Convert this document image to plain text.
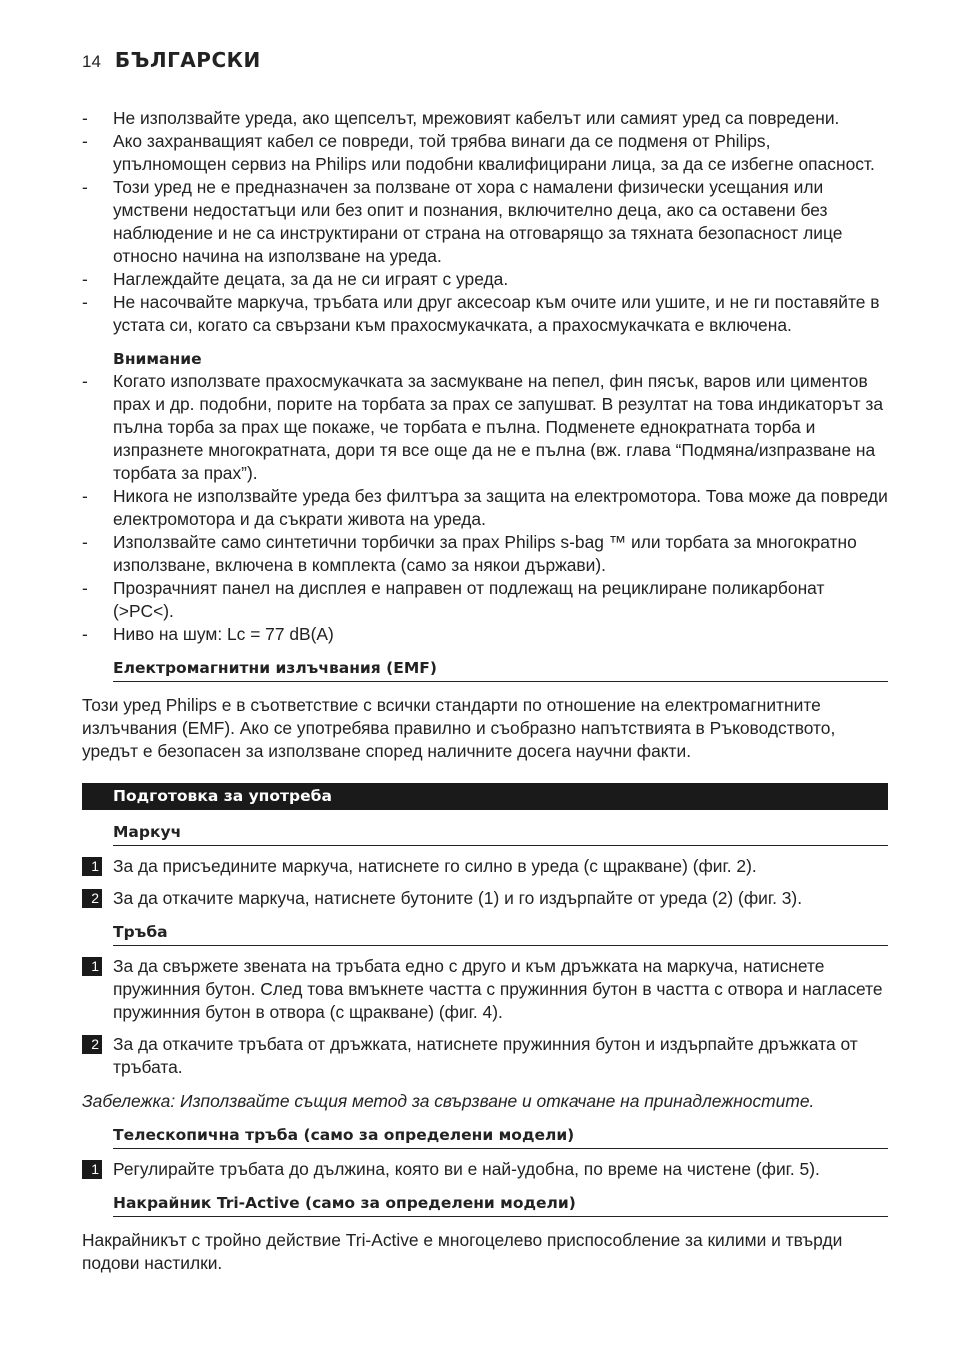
14 БЪЛГАРСКИ
-	Не използвайте уреда, ако щепселът, мрежовият кабелът или самият уред са повредени.
-	Ако захранващият кабел се повреди, той трябва винаги да се подменя от Philips, упълномощен сервиз на Philips или подобни квалифицирани лица, за да се избегне опасност.
-	Този уред не е предназначен за ползване от хора с намалени физически усещания или умствени недостатъци или без опит и познания, включително деца, ако са оставени без наблюдение и не са инструктирани от страна на отговарящо за тяхната безопасност лице относно начина на използване на уреда.
-	Наглеждайте децата, за да не си играят с уреда.
-	Не насочвайте маркуча, тръбата или друг аксесоар към очите или ушите, и не ги поставяйте в устата си, когато са свързани към прахосмукачката, а прахосмукачката е включена.
Внимание
-	Когато използвате прахосмукачката за засмукване на пепел, фин пясък, варов или циментов прах и др. подобни, порите на торбата за прах се запушват. В резултат на това индикаторът за пълна торба за прах ще покаже, че торбата е пълна. Подменете еднократната торба и изпразнете многократната, дори тя все още да не е пълна (вж. глава “Подмяна/изпразване на торбата за прах”).
-	Никога не използвайте уреда без филтъра за защита на електромотора. Това може да повреди електромотора и да съкрати живота на уреда.
-	Използвайте само синтетични торбички за прах Philips s-bag ™ или торбата за многократно използване, включена в комплекта (само за някои държави).
-	Прозрачният панел на дисплея е направен от подлежащ на рециклиране поликарбонат (>PC<).
-	Ниво на шум: Lc = 77 dB(A)
Електромагнитни излъчвания (EMF)
Този уред Philips е в съответствие с всички стандарти по отношение на електромагнитните излъчвания (EMF). Ако се употребява правилно и съобразно напътствията в Ръководството, уредът е безопасен за използване според наличните досега научни факти.
Подготовка за употреба
Маркуч
1 За да присъедините маркуча, натиснете го силно в уреда (с щракване) (фиг. 2).
2 За да откачите маркуча, натиснете бутоните (1) и го издърпайте от уреда (2) (фиг. 3).
Тръба
1 За да свържете звената на тръбата едно с друго и към дръжката на маркуча, натиснете пружинния бутон. След това вмъкнете частта с пружинния бутон в частта с отвора и нагласете пружинния бутон в отвора (с щракване) (фиг. 4).
2 За да откачите тръбата от дръжката, натиснете пружинния бутон и издърпайте дръжката от тръбата.
Забележка: Използвайте същия метод за свързване и откачане на принадлежностите.
Телескопична тръба (само за определени модели)
1 Регулирайте тръбата до дължина, която ви е най-удобна, по време на чистене (фиг. 5).
Накрайник Tri-Active (само за определени модели)
Накрайникът с тройно действие Tri-Active е многоцелево приспособление за килими и твърди подови настилки.
